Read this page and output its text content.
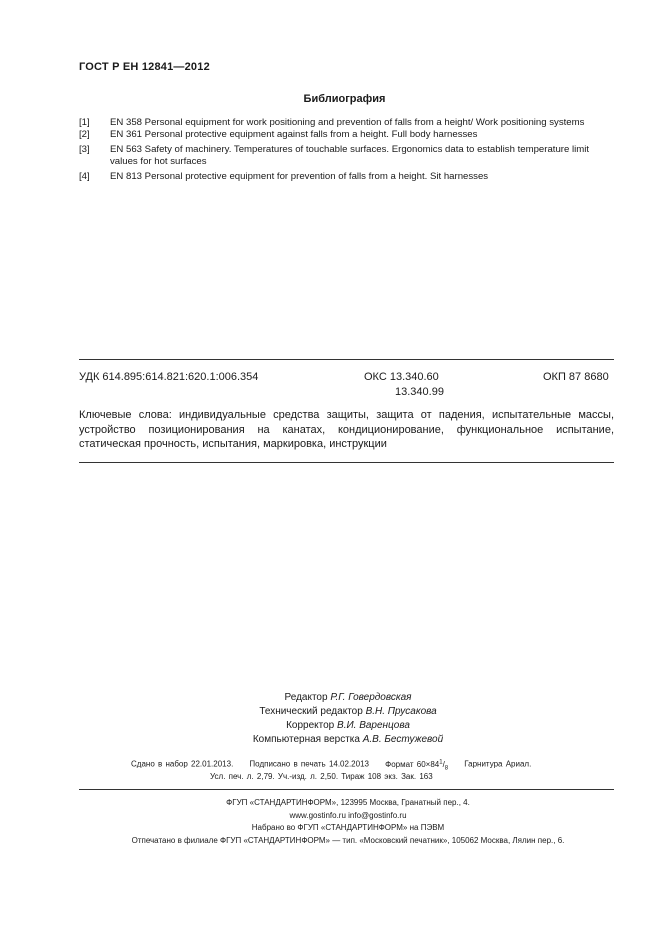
ГОСТ Р ЕН 12841—2012
Библиография
[1] EN 358 Personal equipment for work positioning and prevention of falls from a height/ Work positioning systems
[2] EN 361 Personal protective equipment against falls from a height. Full body harnesses
[3] EN 563 Safety of machinery. Temperatures of touchable surfaces. Ergonomics data to establish temperature limit values for hot surfaces
[4] EN 813 Personal protective equipment for prevention of falls from a height. Sit harnesses
УДК 614.895:614.821:620.1:006.354	ОКС 13.340.60
13.340.99
ОКП 87 8680
Ключевые слова: индивидуальные средства защиты, защита от падения, испытательные массы, устройство позиционирования на канатах, кондиционирование, функциональное испытание, статическая прочность, испытания, маркировка, инструкции
Редактор Р.Г. Говердовская
Технический редактор В.Н. Прусакова
Корректор В.И. Варенцова
Компьютерная верстка А.В. Бестужевой
Сдано в набор 22.01.2013. Подписано в печать 14.02.2013 Формат $60\times 84^1/_8$ Гарнитура Ариал.
Усл. печ. л. 2,79. Уч.-изд. л. 2,50. Тираж 108 экз. Зак. 163
ФГУП «СТАНДАРТИНФОРМ», 123995 Москва, Гранатный пер., 4.
www.gostinfo.ru info@gostinfo.ru
Набрано во ФГУП «СТАНДАРТИНФОРМ» на ПЭВМ
Отпечатано в филиале ФГУП «СТАНДАРТИНФОРМ» — тип. «Московский печатник», 105062 Москва, Лялин пер., 6.
